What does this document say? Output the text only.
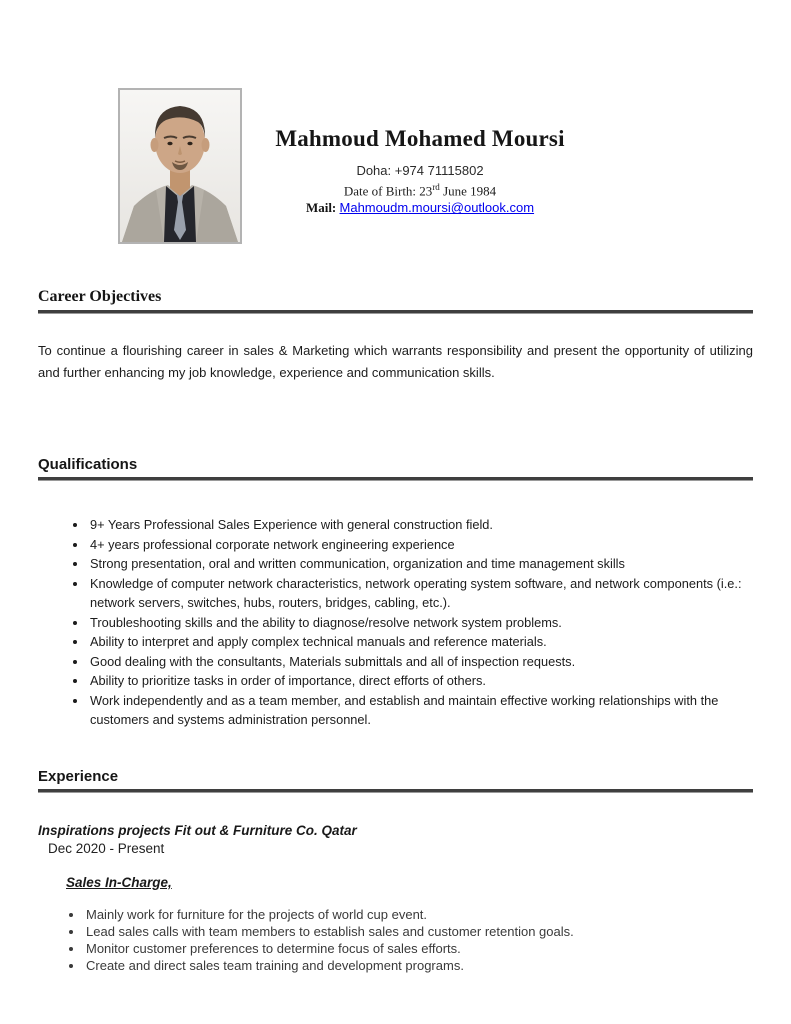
Mahmoud Mohamed Moursi
Doha: +974 71115802
Date of Birth: 23rd June 1984
Mail: Mahmoudm.moursi@outlook.com
Career Objectives

To continue a flourishing career in sales & Marketing which warrants responsibility and present the opportunity of utilizing and further enhancing my job knowledge, experience and communication skills.

Qualifications
• 9+ Years Professional Sales Experience with general construction field.
• 4+ years professional corporate network engineering experience
• Strong presentation, oral and written communication, organization and time management skills
• Knowledge of computer network characteristics, network operating system software, and network components (i.e.: network servers, switches, hubs, routers, bridges, cabling, etc.).
• Troubleshooting skills and the ability to diagnose/resolve network system problems.
• Ability to interpret and apply complex technical manuals and reference materials.
• Good dealing with the consultants, Materials submittals and all of inspection requests.
• Ability to prioritize tasks in order of importance, direct efforts of others.
• Work independently and as a team member, and establish and maintain effective working relationships with the customers and systems administration personnel.
Experience
Inspirations projects Fit out & Furniture Co. Qatar
Dec 2020 - Present
Sales In-Charge,
• Mainly work for furniture for the projects of world cup event.
• Lead sales calls with team members to establish sales and customer retention goals.
• Monitor customer preferences to determine focus of sales efforts.
• Create and direct sales team training and development programs.
